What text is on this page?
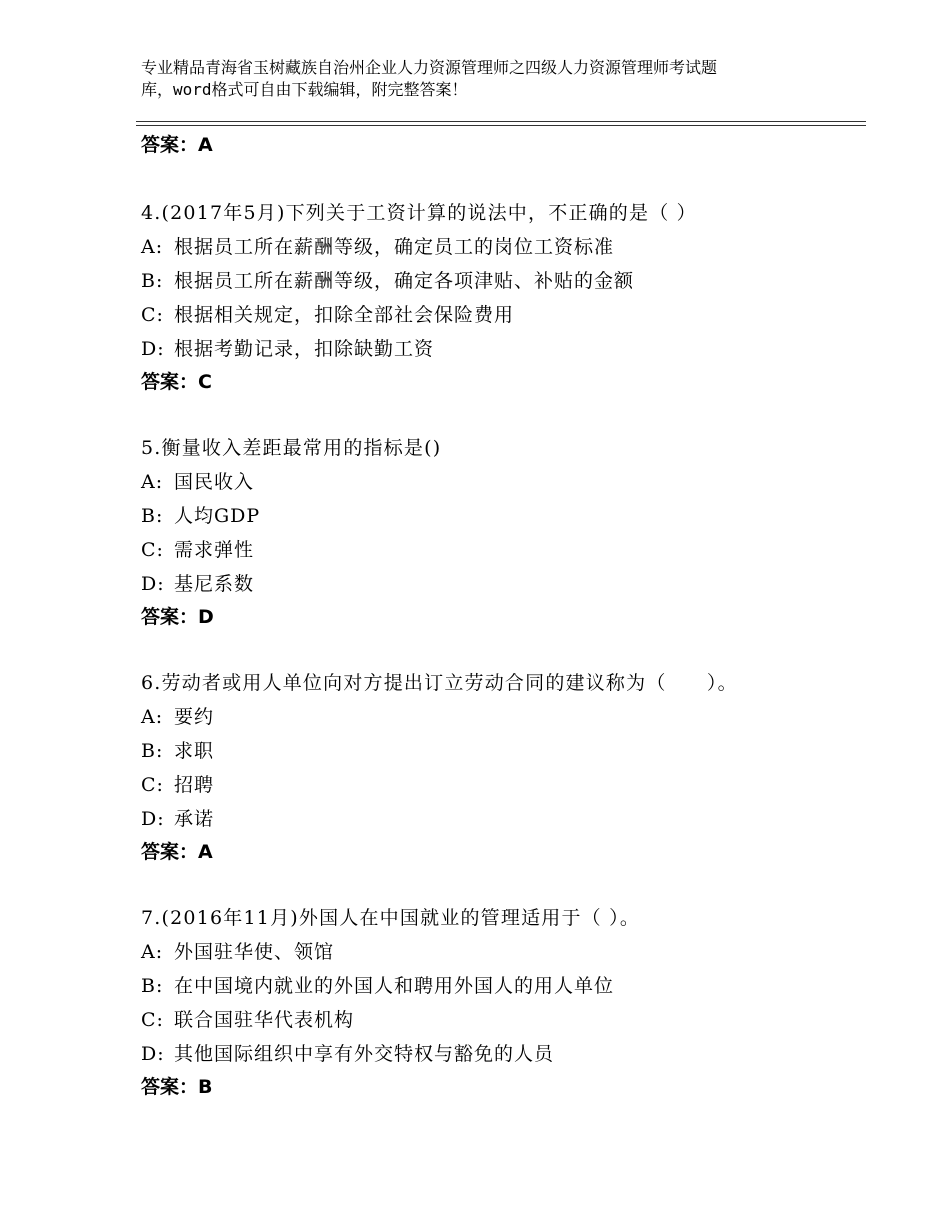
专业精品青海省玉树藏族自治州企业人力资源管理师之四级人力资源管理师考试题
库，word格式可自由下载编辑，附完整答案！
答案：A
4.(2017年5月)下列关于工资计算的说法中，不正确的是（ ）
A: 根据员工所在薪酬等级，确定员工的岗位工资标准
B: 根据员工所在薪酬等级，确定各项津贴、补贴的金额
C: 根据相关规定，扣除全部社会保险费用
D: 根据考勤记录，扣除缺勤工资
答案：C
5.衡量收入差距最常用的指标是()
A: 国民收入
B: 人均GDP
C: 需求弹性
D: 基尼系数
答案：D
6.劳动者或用人单位向对方提出订立劳动合同的建议称为（　　）。
A: 要约
B: 求职
C: 招聘
D: 承诺
答案：A
7.(2016年11月)外国人在中国就业的管理适用于（ ）。
A: 外国驻华使、领馆
B: 在中国境内就业的外国人和聘用外国人的用人单位
C: 联合国驻华代表机构
D: 其他国际组织中享有外交特权与豁免的人员
答案：B
